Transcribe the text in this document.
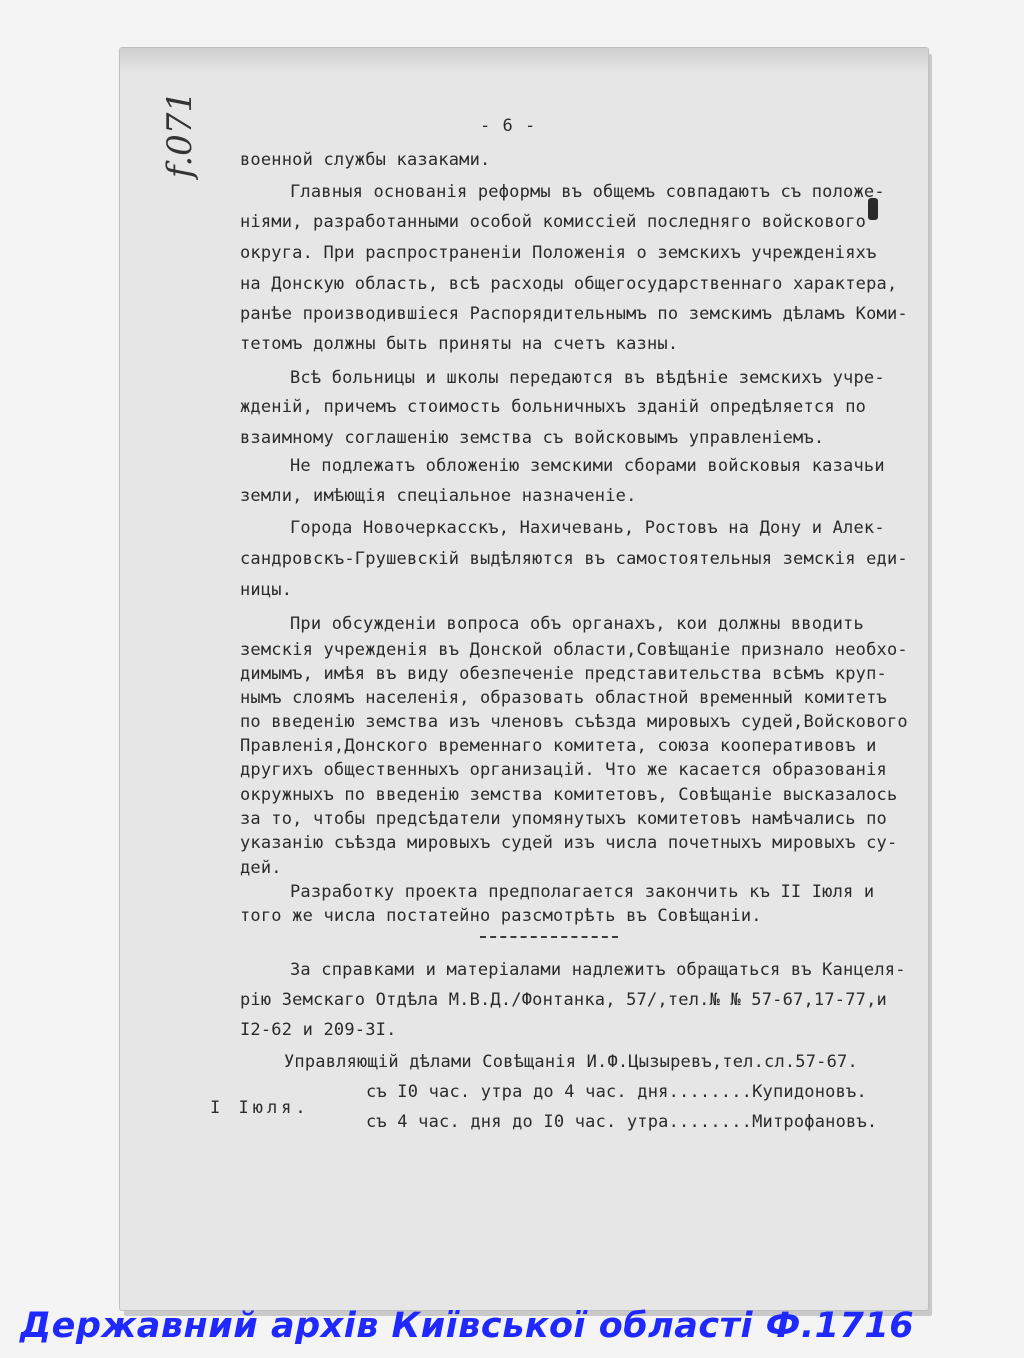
f.071	- 6 -
военной службы казаками.
Главныя основанія реформы въ общемъ совпадаютъ съ положе-
ніями, разработанными особой комиссіей последняго войскового
округа. При распространеніи Положенія о земскихъ учрежденіяхъ
на Донскую область, всѣ расходы общегосударственнаго характера,
ранѣе производившіеся Распорядительнымъ по земскимъ дѣламъ Коми-
тетомъ должны быть приняты на счетъ казны.
Всѣ больницы и школы передаются въ вѣдѣніе земскихъ учре-
жденій, причемъ стоимость больничныхъ зданій опредѣляется по
взаимному соглашенію земства съ войсковымъ управленіемъ.
Не подлежатъ обложенію земскими сборами войсковыя казачьи
земли, имѣющія спеціальное назначеніе.
Города Новочеркасскъ, Нахичевань, Ростовъ на Дону и Алек-
сандровскъ-Грушевскій выдѣляются въ самостоятельныя земскія еди-
ницы.
При обсужденіи вопроса объ органахъ, кои должны вводить
земскія учрежденія въ Донской области,Совѣщаніе признало необхо-
димымъ, имѣя въ виду обезпеченіе представительства всѣмъ круп-
нымъ слоямъ населенія, образовать областной временный комитетъ
по введенію земства изъ членовъ съѣзда мировыхъ судей,Войскового
Правленія,Донского временнаго комитета, союза кооперативовъ и
другихъ общественныхъ организацій. Что же касается образованія
окружныхъ по введенію земства комитетовъ, Совѣщаніе высказалось
за то, чтобы предсѣдатели упомянутыхъ комитетовъ намѣчались по
указанію съѣзда мировыхъ судей изъ числа почетныхъ мировыхъ су-
дей.
Разработку проекта предполагается закончить къ II Іюля и
того же числа постатейно разсмотрѣть въ Совѣщаніи.
За справками и матеріалами надлежитъ обращаться въ Канцеля-
рію Земскаго Отдѣла М.В.Д./Фонтанка, 57/,тел.№ № 57-67,17-77,и
I2-62 и 209-3I.
Управляющій дѣлами Совѣщанія И.Ф.Цызыревъ,тел.сл.57-67.
I Іюля.
съ I0 час. утра до 4 час. дня........Купидоновъ.
съ 4 час. дня до I0 час. утра........Митрофановъ.
Державний архів Київської області Ф.1716
